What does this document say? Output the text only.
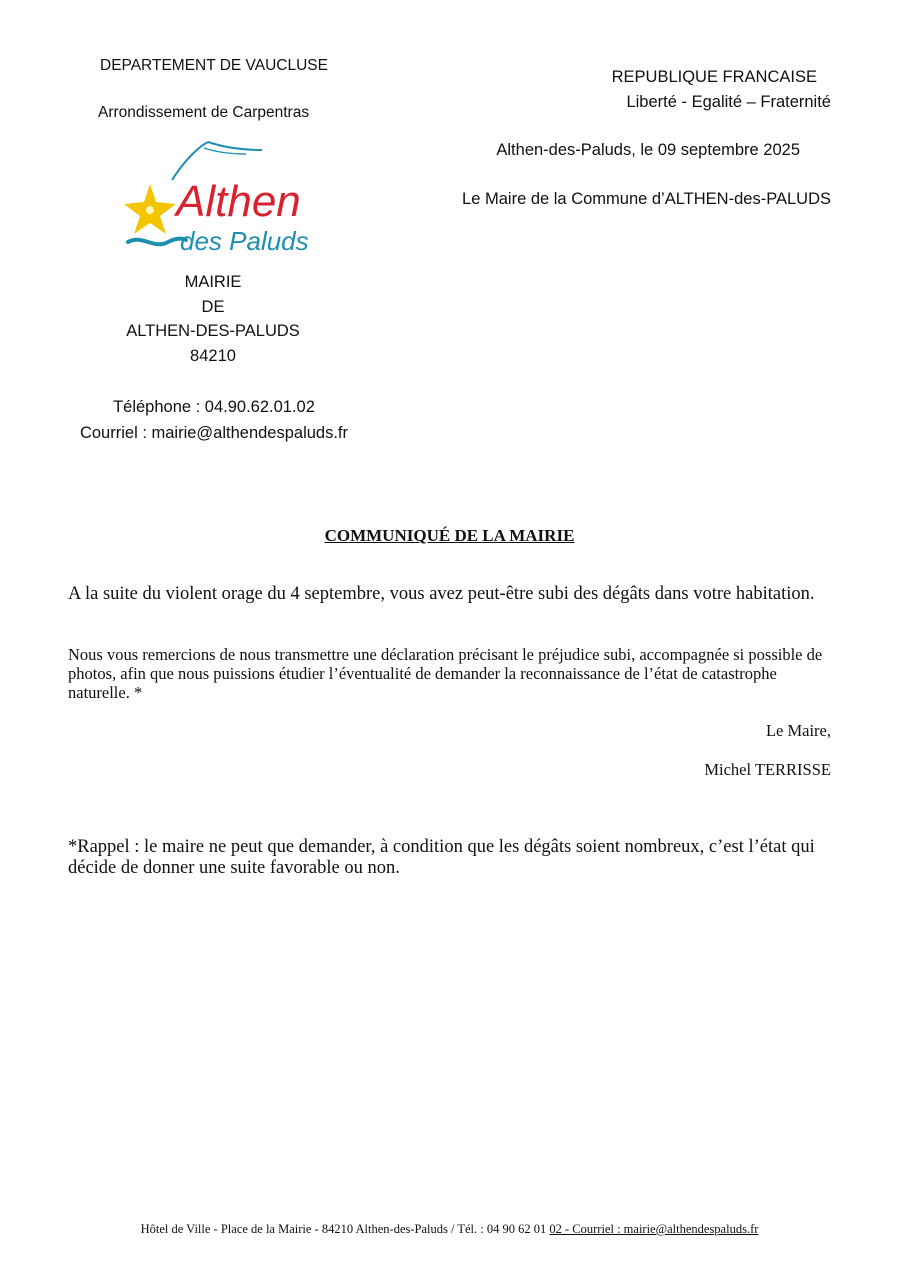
DEPARTEMENT DE VAUCLUSE
Arrondissement de Carpentras
REPUBLIQUE FRANCAISE
Liberté - Egalité – Fraternité
Althen-des-Paluds, le 09 septembre 2025
Le Maire de la Commune d’ALTHEN-des-PALUDS
Althen
des Paluds
MAIRIE
DE
ALTHEN-DES-PALUDS
84210
Téléphone : 04.90.62.01.02
Courriel : mairie@althendespaluds.fr
COMMUNIQUÉ DE LA MAIRIE
A la suite du violent orage du 4 septembre, vous avez peut-être subi des dégâts dans votre habitation.
Nous vous remercions de nous transmettre une déclaration précisant le préjudice subi, accompagnée si possible de photos, afin que nous puissions étudier l’éventualité de demander la reconnaissance de l’état de catastrophe naturelle. *
Le Maire,
Michel TERRISSE
*Rappel : le maire ne peut que demander, à condition que les dégâts soient nombreux, c’est l’état qui décide de donner une suite favorable ou non.
Hôtel de Ville - Place de la Mairie - 84210 Althen-des-Paluds / Tél. : 04 90 62 01 02 - Courriel : mairie@althendespaluds.fr
